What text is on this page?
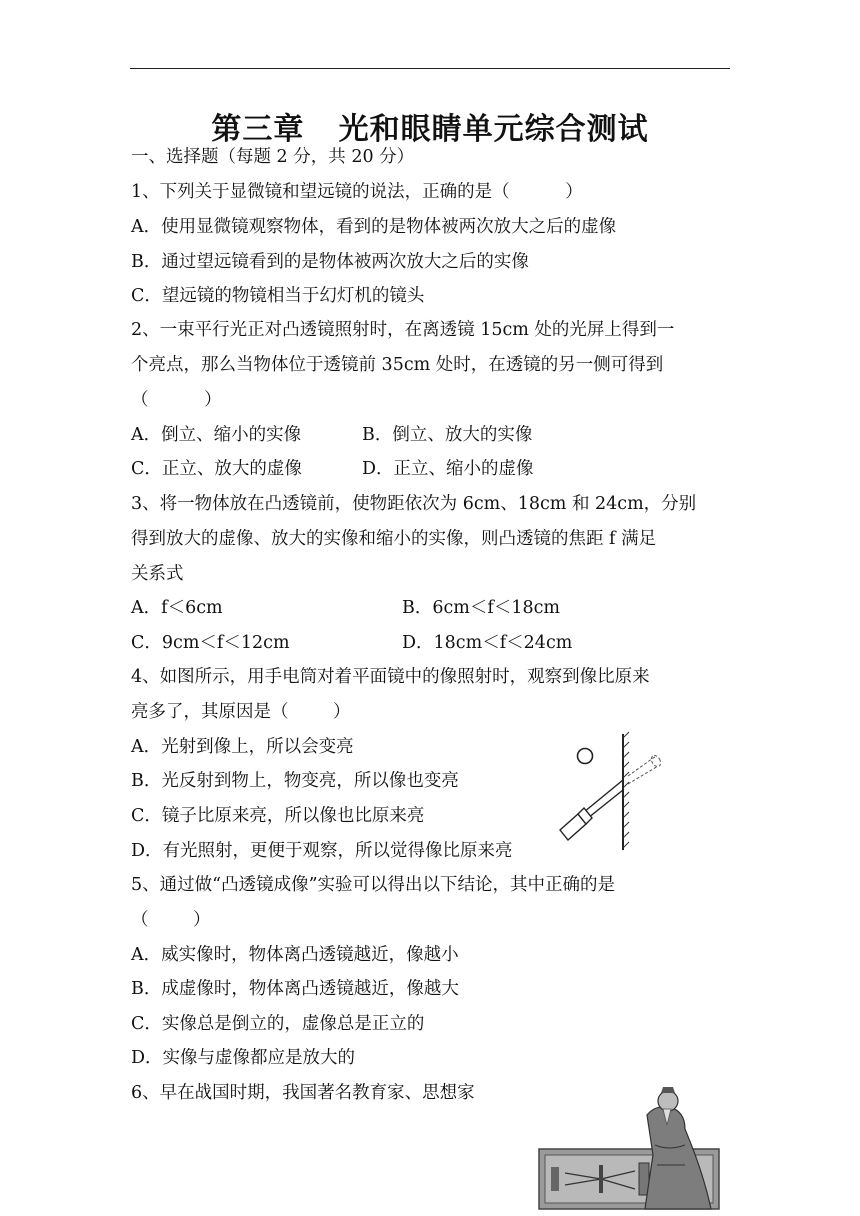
第三章   光和眼睛单元综合测试
一、选择题（每题 2 分，共 20 分）
1、下列关于显微镜和望远镜的说法，正确的是（          ）
A．使用显微镜观察物体，看到的是物体被两次放大之后的虚像
B．通过望远镜看到的是物体被两次放大之后的实像
C．望远镜的物镜相当于幻灯机的镜头
2、一束平行光正对凸透镜照射时，在离透镜 15cm 处的光屏上得到一
个亮点，那么当物体位于透镜前 35cm 处时，在透镜的另一侧可得到
（          ）
A．倒立、缩小的实像	B．倒立、放大的实像
C．正立、放大的虚像	D．正立、缩小的虚像
3、将一物体放在凸透镜前，使物距依次为 6cm、18cm 和 24cm，分别
得到放大的虚像、放大的实像和缩小的实像，则凸透镜的焦距 f 满足
关系式
A．f＜6cm	B．6cm＜f＜18cm
C．9cm＜f＜12cm	D．18cm＜f＜24cm
4、如图所示，用手电筒对着平面镜中的像照射时，观察到像比原来
亮多了，其原因是（        ）
A．光射到像上，所以会变亮
B．光反射到物上，物变亮，所以像也变亮
C．镜子比原来亮，所以像也比原来亮
D．有光照射，更便于观察，所以觉得像比原来亮
5、通过做“凸透镜成像”实验可以得出以下结论，其中正确的是
（        ）
A．威实像时，物体离凸透镜越近，像越小
B．成虚像时，物体离凸透镜越近，像越大
C．实像总是倒立的，虚像总是正立的
D．实像与虚像都应是放大的
6、早在战国时期，我国著名教育家、思想家
